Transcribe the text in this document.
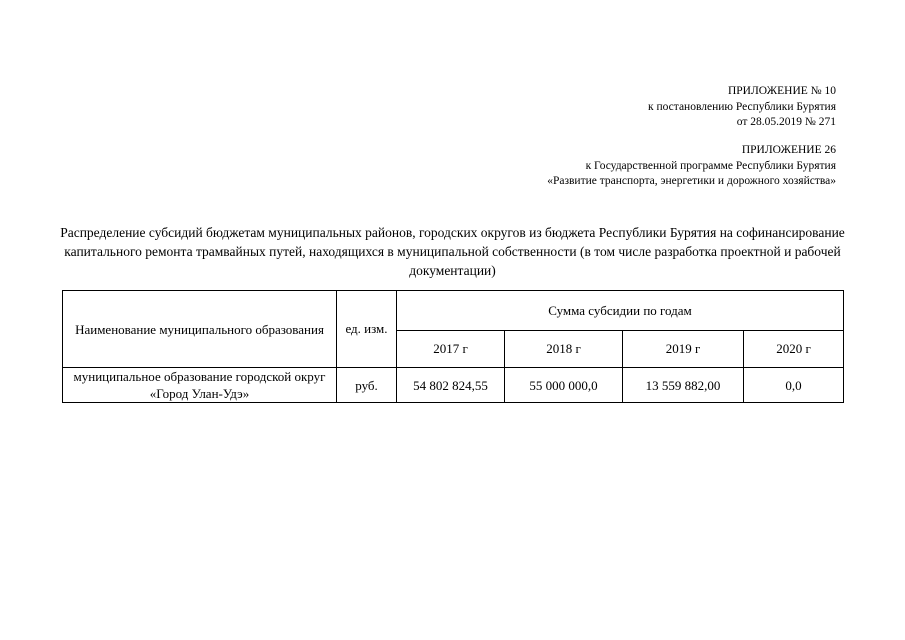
ПРИЛОЖЕНИЕ № 10
к постановлению Республики Бурятия
от 28.05.2019 № 271
ПРИЛОЖЕНИЕ 26
к Государственной программе Республики Бурятия
«Развитие транспорта, энергетики и дорожного хозяйства»
Распределение субсидий бюджетам муниципальных районов, городских округов из бюджета Республики Бурятия на софинансирование капитального ремонта трамвайных путей, находящихся в муниципальной собственности (в том числе разработка проектной и рабочей документации)
Наименование муниципального образования	ед. изм.	Сумма субсидии по годам			
		2017 г	2018 г	2019 г	2020 г
муниципальное образование городской округ «Город Улан-Удэ»	руб.	54 802 824,55	55 000 000,0	13 559 882,00	0,0
